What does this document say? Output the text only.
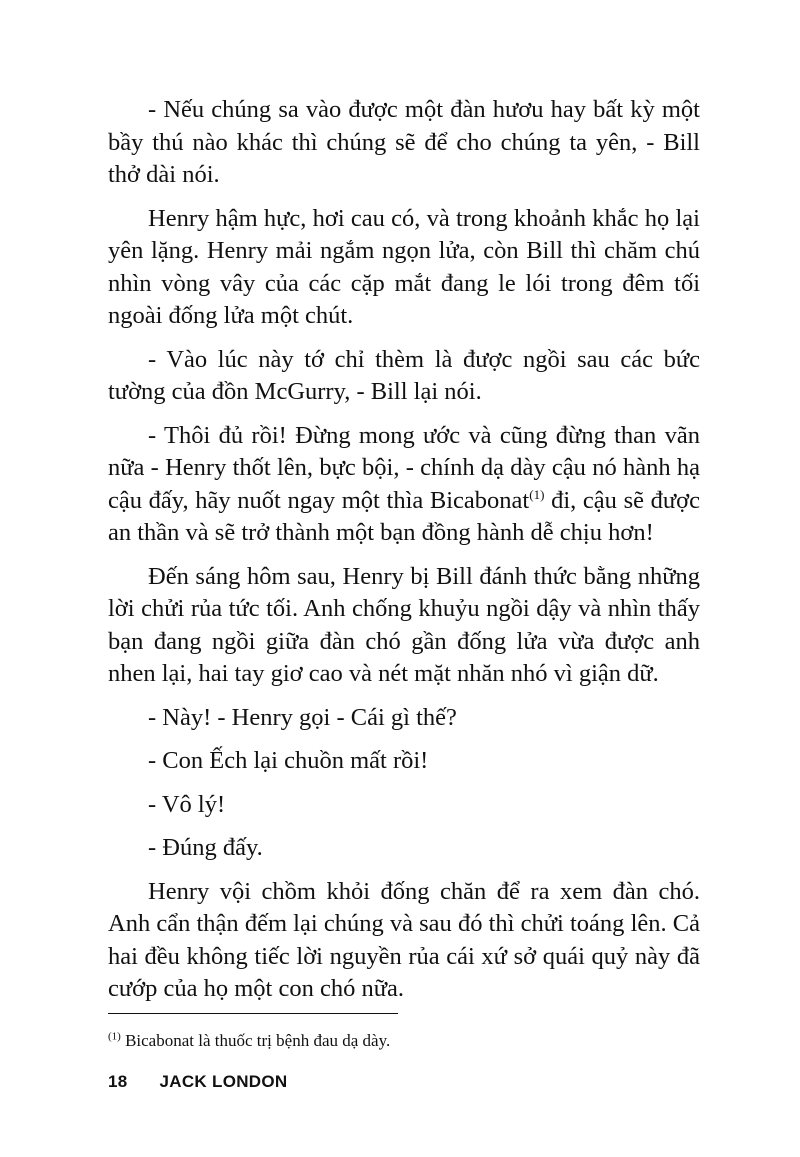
- Nếu chúng sa vào được một đàn hươu hay bất kỳ một bầy thú nào khác thì chúng sẽ để cho chúng ta yên, - Bill thở dài nói.

Henry hậm hực, hơi cau có, và trong khoảnh khắc họ lại yên lặng. Henry mải ngắm ngọn lửa, còn Bill thì chăm chú nhìn vòng vây của các cặp mắt đang le lói trong đêm tối ngoài đống lửa một chút.

- Vào lúc này tớ chỉ thèm là được ngồi sau các bức tường của đồn McGurry, - Bill lại nói.

- Thôi đủ rồi! Đừng mong ước và cũng đừng than vãn nữa - Henry thốt lên, bực bội, - chính dạ dày cậu nó hành hạ cậu đấy, hãy nuốt ngay một thìa Bicabonat$^{(1)}$ đi, cậu sẽ được an thần và sẽ trở thành một bạn đồng hành dễ chịu hơn!

Đến sáng hôm sau, Henry bị Bill đánh thức bằng những lời chửi rủa tức tối. Anh chống khuỷu ngồi dậy và nhìn thấy bạn đang ngồi giữa đàn chó gần đống lửa vừa được anh nhen lại, hai tay giơ cao và nét mặt nhăn nhó vì giận dữ.

- Này! - Henry gọi - Cái gì thế?

- Con Ếch lại chuồn mất rồi!

- Vô lý!

- Đúng đấy.

Henry vội chồm khỏi đống chăn để ra xem đàn chó. Anh cẩn thận đếm lại chúng và sau đó thì chửi toáng lên. Cả hai đều không tiếc lời nguyền rủa cái xứ sở quái quỷ này đã cướp của họ một con chó nữa.

$^{(1)}$ Bicabonat là thuốc trị bệnh đau dạ dày.
18 JACK LONDON
